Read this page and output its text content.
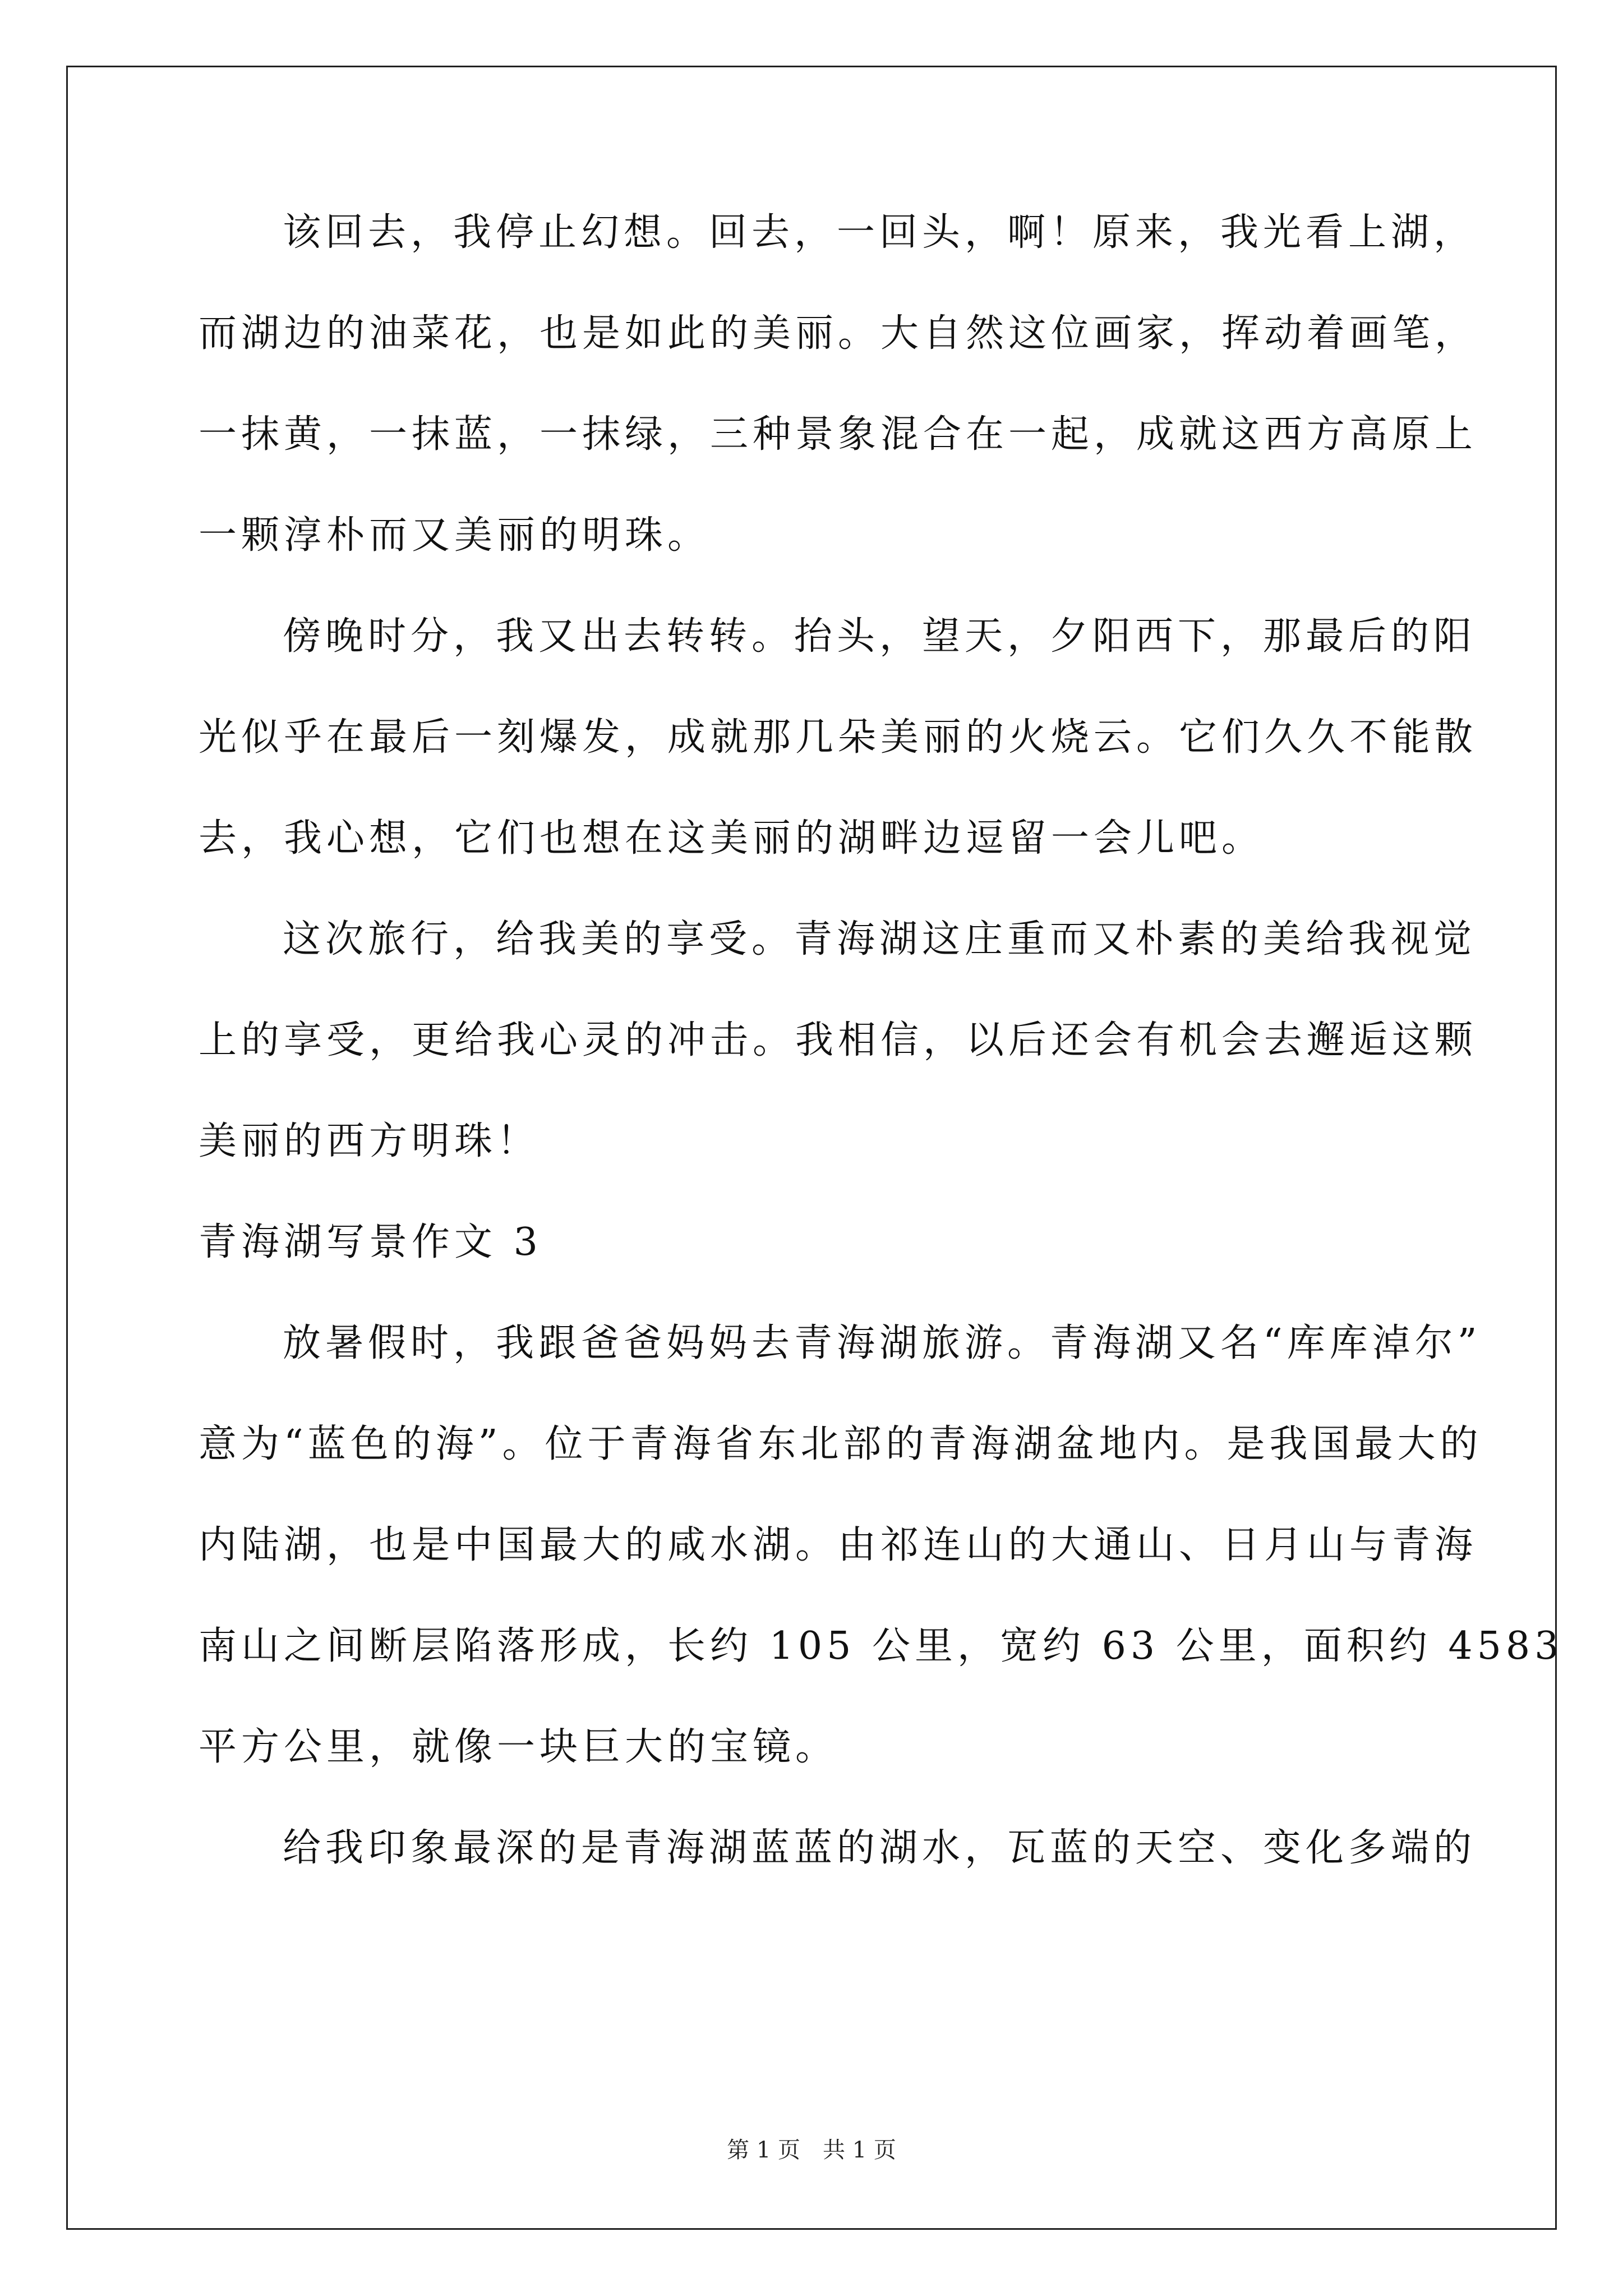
该回去，我停止幻想。回去，一回头，啊！原来，我光看上湖，
而湖边的油菜花，也是如此的美丽。大自然这位画家，挥动着画笔，
一抹黄，一抹蓝，一抹绿，三种景象混合在一起，成就这西方高原上
一颗淳朴而又美丽的明珠。
傍晚时分，我又出去转转。抬头，望天，夕阳西下，那最后的阳
光似乎在最后一刻爆发，成就那几朵美丽的火烧云。它们久久不能散
去，我心想，它们也想在这美丽的湖畔边逗留一会儿吧。
这次旅行，给我美的享受。青海湖这庄重而又朴素的美给我视觉
上的享受，更给我心灵的冲击。我相信，以后还会有机会去邂逅这颗
美丽的西方明珠！
青海湖写景作文 3
放暑假时，我跟爸爸妈妈去青海湖旅游。青海湖又名“库库淖尔”
意为“蓝色的海”。位于青海省东北部的青海湖盆地内。是我国最大的
内陆湖，也是中国最大的咸水湖。由祁连山的大通山、日月山与青海
南山之间断层陷落形成，长约 105 公里，宽约 63 公里，面积约 4583
平方公里，就像一块巨大的宝镜。
给我印象最深的是青海湖蓝蓝的湖水，瓦蓝的天空、变化多端的
第 1 页　共 1 页
